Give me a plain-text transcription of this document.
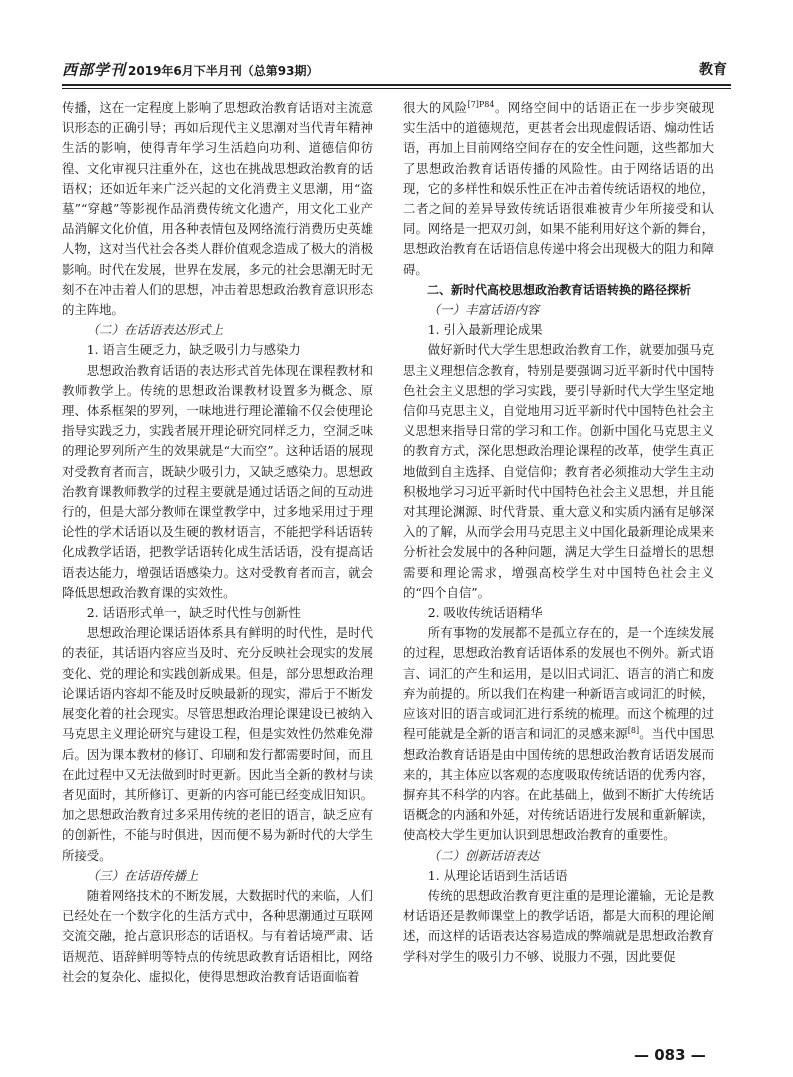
西部学刊 2019年6月下半月刊（总第93期）	教育

传播，这在一定程度上影响了思想政治教育话语对主流意识形态的正确引导；再如后现代主义思潮对当代青年精神生活的影响，使得青年学习生活趋向功利、道德信仰彷徨、文化审视只注重外在，这也在挑战思想政治教育的话语权；还如近年来广泛兴起的文化消费主义思潮，用“盗墓”“穿越”等影视作品消费传统文化遗产，用文化工业产品消解文化价值，用各种表情包及网络流行消费历史英雄人物，这对当代社会各类人群价值观念造成了极大的消极影响。时代在发展，世界在发展，多元的社会思潮无时无刻不在冲击着人们的思想，冲击着思想政治教育意识形态的主阵地。

（二）在话语表达形式上

1. 语言生硬乏力，缺乏吸引力与感染力

思想政治教育话语的表达形式首先体现在课程教材和教师教学上。传统的思想政治课教材设置多为概念、原理、体系框架的罗列，一味地进行理论灌输不仅会使理论指导实践乏力，实践者展开理论研究同样乏力，空洞乏味的理论罗列所产生的效果就是“大而空”。这种话语的展现对受教育者而言，既缺少吸引力，又缺乏感染力。思想政治教育课教师教学的过程主要就是通过话语之间的互动进行的，但是大部分教师在课堂教学中，过多地采用过于理论性的学术话语以及生硬的教材语言，不能把学科话语转化成教学话语，把教学话语转化成生活话语，没有提高话语表达能力，增强话语感染力。这对受教育者而言，就会降低思想政治教育课的实效性。

2. 话语形式单一，缺乏时代性与创新性

思想政治理论课话语体系具有鲜明的时代性，是时代的表征，其话语内容应当及时、充分反映社会现实的发展变化、党的理论和实践创新成果。但是，部分思想政治理论课话语内容却不能及时反映最新的现实，滞后于不断发展变化着的社会现实。尽管思想政治理论课建设已被纳入马克思主义理论研究与建设工程，但是实效性仍然难免滞后。因为课本教材的修订、印刷和发行都需要时间，而且在此过程中又无法做到时时更新。因此当全新的教材与读者见面时，其所修订、更新的内容可能已经变成旧知识。加之思想政治教育过多采用传统的老旧的语言，缺乏应有的创新性，不能与时俱进，因而便不易为新时代的大学生所接受。

（三）在话语传播上

随着网络技术的不断发展，大数据时代的来临，人们已经处在一个数字化的生活方式中，各种思潮通过互联网交流交融，抢占意识形态的话语权。与有着话境严肃、话语规范、语辞鲜明等特点的传统思政教育话语相比，网络社会的复杂化、虚拟化，使得思想政治教育话语面临着

很大的风险$^{[7]P84}$。网络空间中的话语正在一步步突破现实生活中的道德规范，更甚者会出现虚假话语、煽动性话语，再加上目前网络空间存在的安全性问题，这些都加大了思想政治教育话语传播的风险性。由于网络话语的出现，它的多样性和娱乐性正在冲击着传统话语权的地位，二者之间的差异导致传统话语很难被青少年所接受和认同。网络是一把双刃剑，如果不能利用好这个新的舞台，思想政治教育在话语信息传递中将会出现极大的阻力和障碍。

二、新时代高校思想政治教育话语转换的路径探析

（一）丰富话语内容

1. 引入最新理论成果

做好新时代大学生思想政治教育工作，就要加强马克思主义理想信念教育，特别是要强调习近平新时代中国特色社会主义思想的学习实践，要引导新时代大学生坚定地信仰马克思主义，自觉地用习近平新时代中国特色社会主义思想来指导日常的学习和工作。创新中国化马克思主义的教育方式，深化思想政治理论课程的改革，使学生真正地做到自主选择、自觉信仰；教育者必须推动大学生主动积极地学习习近平新时代中国特色社会主义思想，并且能对其理论渊源、时代背景、重大意义和实质内涵有足够深入的了解，从而学会用马克思主义中国化最新理论成果来分析社会发展中的各种问题，满足大学生日益增长的思想需要和理论需求，增强高校学生对中国特色社会主义的“四个自信”。

2. 吸收传统话语精华

所有事物的发展都不是孤立存在的，是一个连续发展的过程，思想政治教育话语体系的发展也不例外。新式语言、词汇的产生和运用，是以旧式词汇、语言的消亡和废弃为前提的。所以我们在构建一种新语言或词汇的时候，应该对旧的语言或词汇进行系统的梳理。而这个梳理的过程可能就是全新的语言和词汇的灵感来源[8]。当代中国思想政治教育话语是由中国传统的思想政治教育话语发展而来的，其主体应以客观的态度吸取传统话语的优秀内容，摒弃其不科学的内容。在此基础上，做到不断扩大传统话语概念的内涵和外延，对传统话语进行发展和重新解读，使高校大学生更加认识到思想政治教育的重要性。

（二）创新话语表达

1. 从理论话语到生活话语

传统的思想政治教育更注重的是理论灌输，无论是教材话语还是教师课堂上的教学话语，都是大而积的理论阐述，而这样的话语表达容易造成的弊端就是思想政治教育学科对学生的吸引力不够、说服力不强，因此要促

— 083 —
